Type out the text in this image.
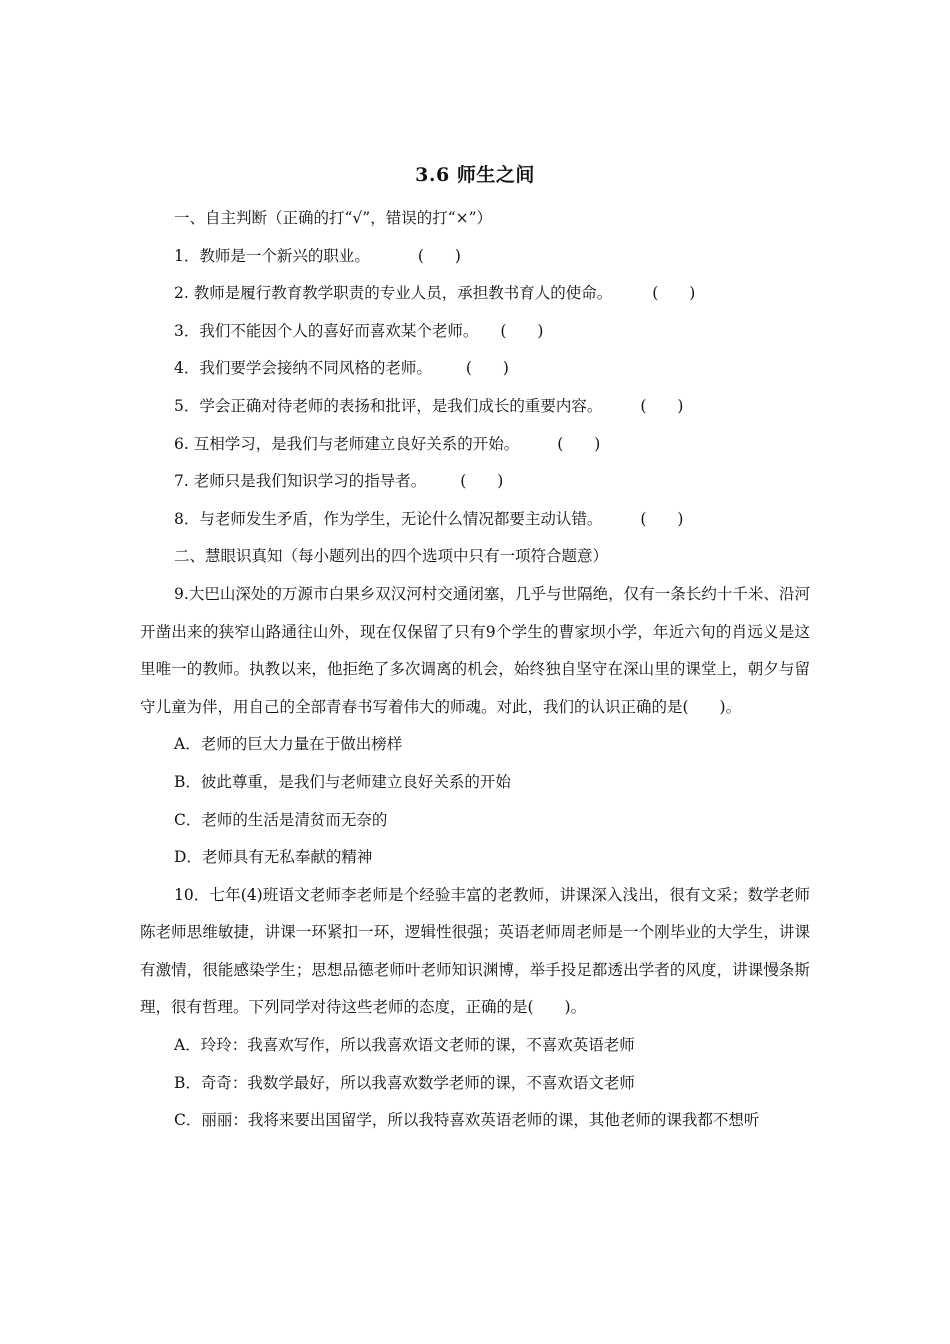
3.6 师生之间
一、自主判断（正确的打“√”，错误的打“×”）
1．教师是一个新兴的职业。	(　　)
2. 教师是履行教育教学职责的专业人员，承担教书育人的使命。	(　　)
3．我们不能因个人的喜好而喜欢某个老师。 (　　)
4．我们要学会接纳不同风格的老师。 (　　)
5．学会正确对待老师的表扬和批评，是我们成长的重要内容。 (　　)
6. 互相学习，是我们与老师建立良好关系的开始。 (　　)
7. 老师只是我们知识学习的指导者。 (　　)
8．与老师发生矛盾，作为学生，无论什么情况都要主动认错。 (　　)
二、慧眼识真知（每小题列出的四个选项中只有一项符合题意）

9.大巴山深处的万源市白果乡双汉河村交通闭塞，几乎与世隔绝，仅有一条长约十千米、沿河开凿出来的狭窄山路通往山外，现在仅保留了只有9个学生的曹家坝小学，年近六旬的肖远义是这里唯一的教师。执教以来，他拒绝了多次调离的机会，始终独自坚守在深山里的课堂上，朝夕与留守儿童为伴，用自己的全部青春书写着伟大的师魂。对此，我们的认识正确的是(　　)。

A．老师的巨大力量在于做出榜样
B．彼此尊重，是我们与老师建立良好关系的开始
C．老师的生活是清贫而无奈的
D．老师具有无私奉献的精神

10．七年(4)班语文老师李老师是个经验丰富的老教师，讲课深入浅出，很有文采；数学老师陈老师思维敏捷，讲课一环紧扣一环，逻辑性很强；英语老师周老师是一个刚毕业的大学生，讲课有激情，很能感染学生；思想品德老师叶老师知识渊博，举手投足都透出学者的风度，讲课慢条斯理，很有哲理。下列同学对待这些老师的态度，正确的是(　　)。

A．玲玲：我喜欢写作，所以我喜欢语文老师的课，不喜欢英语老师
B．奇奇：我数学最好，所以我喜欢数学老师的课，不喜欢语文老师
C．丽丽：我将来要出国留学，所以我特喜欢英语老师的课，其他老师的课我都不想听
